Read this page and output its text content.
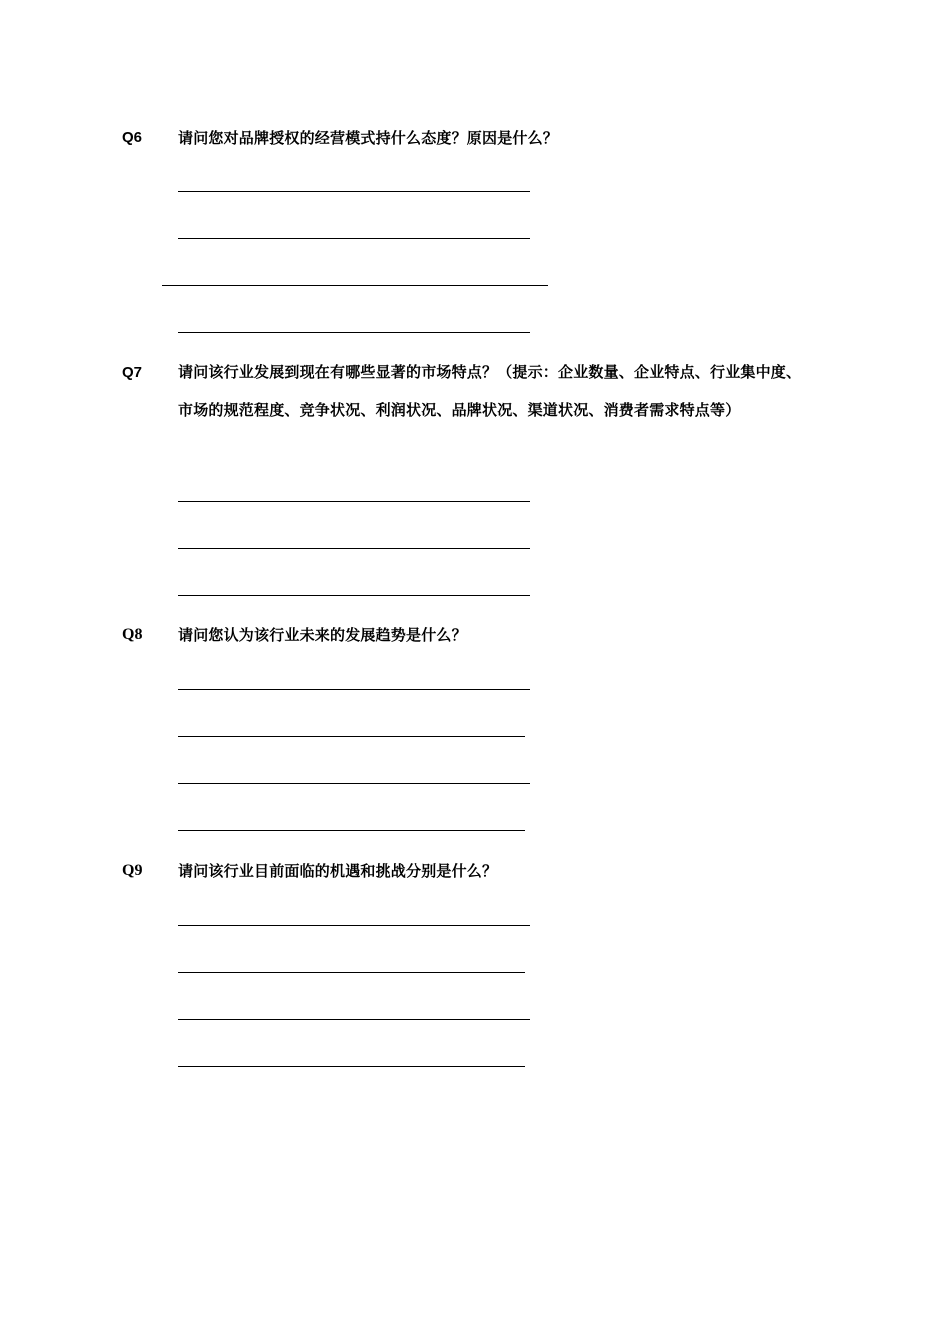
Q6 请问您对品牌授权的经营模式持什么态度？原因是什么？
Q7 请问该行业发展到现在有哪些显著的市场特点？（提示：企业数量、企业特点、行业集中度、市场的规范程度、竞争状况、利润状况、品牌状况、渠道状况、消费者需求特点等）
Q8 请问您认为该行业未来的发展趋势是什么？
Q9 请问该行业目前面临的机遇和挑战分别是什么？
